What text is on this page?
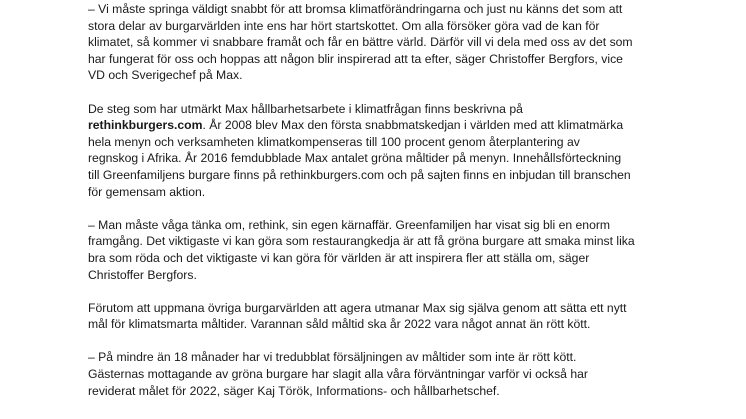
– Vi måste springa väldigt snabbt för att bromsa klimatförändringarna och just nu känns det som att
stora delar av burgarvärlden inte ens har hört startskottet. Om alla försöker göra vad de kan för
klimatet, så kommer vi snabbare framåt och får en bättre värld. Därför vill vi dela med oss av det som
har fungerat för oss och hoppas att någon blir inspirerad att ta efter, säger Christoffer Bergfors, vice
VD och Sverigechef på Max.

De steg som har utmärkt Max hållbarhetsarbete i klimatfrågan finns beskrivna på
rethinkburgers.com. År 2008 blev Max den första snabbmatskedjan i världen med att klimatmärka
hela menyn och verksamheten klimatkompenseras till 100 procent genom återplantering av
regnskog i Afrika. År 2016 femdubblade Max antalet gröna måltider på menyn. Innehållsförteckning
till Greenfamiljens burgare finns på rethinkburgers.com och på sajten finns en inbjudan till branschen
för gemensam aktion.

– Man måste våga tänka om, rethink, sin egen kärnaffär. Greenfamiljen har visat sig bli en enorm
framgång. Det viktigaste vi kan göra som restaurangkedja är att få gröna burgare att smaka minst lika
bra som röda och det viktigaste vi kan göra för världen är att inspirera fler att ställa om, säger
Christoffer Bergfors.

Förutom att uppmana övriga burgarvärlden att agera utmanar Max sig själva genom att sätta ett nytt
mål för klimatsmarta måltider. Varannan såld måltid ska år 2022 vara något annat än rött kött.

– På mindre än 18 månader har vi tredubblat försäljningen av måltider som inte är rött kött.
Gästernas mottagande av gröna burgare har slagit alla våra förväntningar varför vi också har
reviderat målet för 2022, säger Kaj Török, Informations- och hållbarhetschef.
